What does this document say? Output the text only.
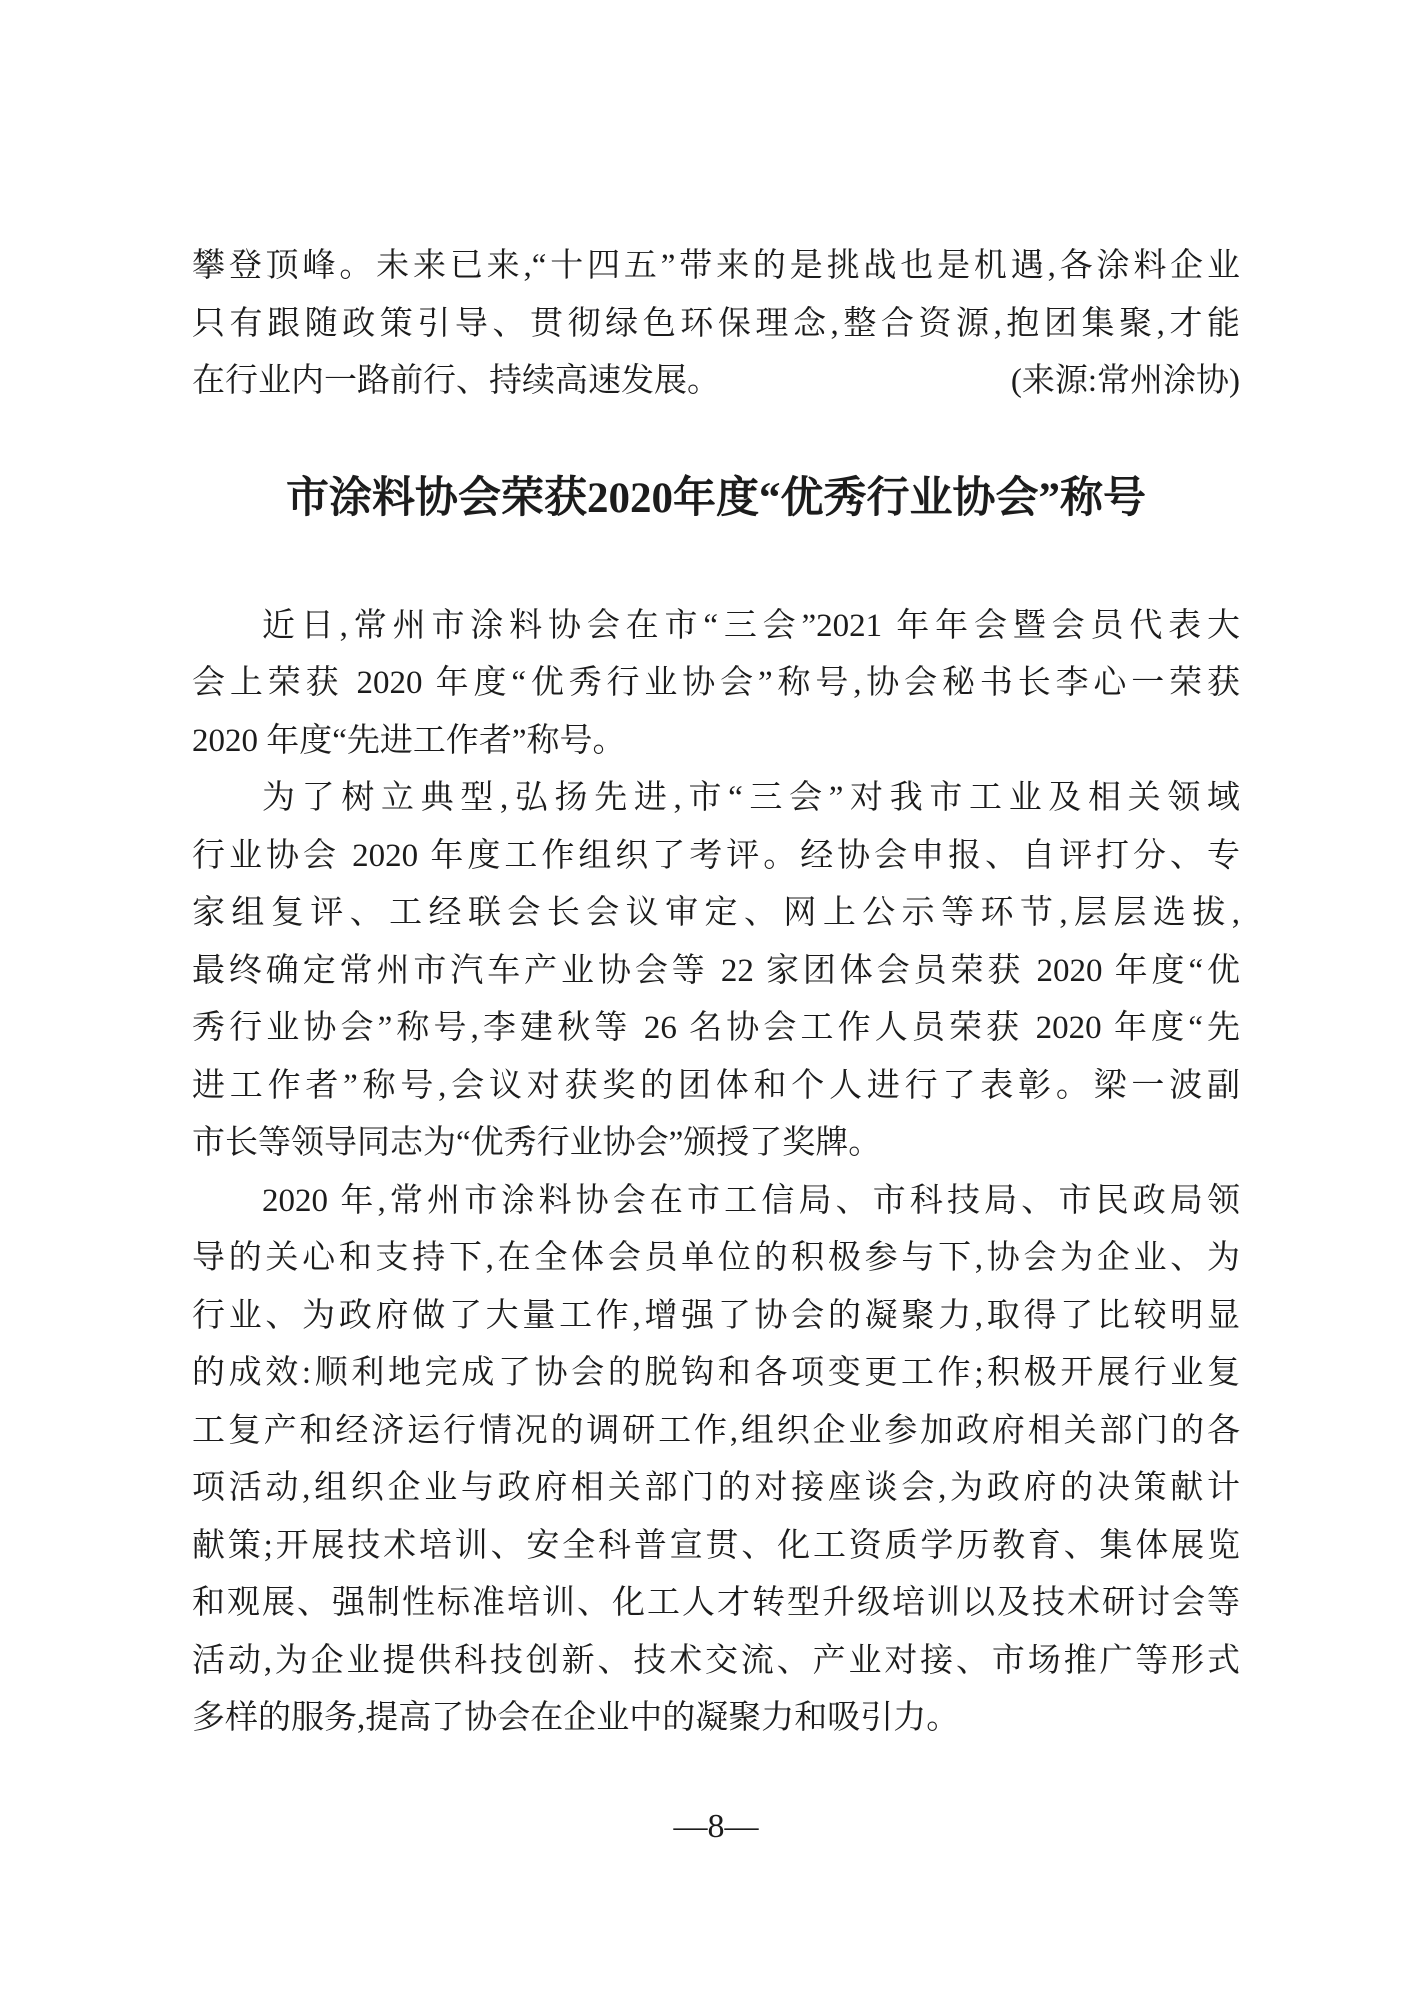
攀登顶峰。未来已来,“十四五”带来的是挑战也是机遇,各涂料企业
只有跟随政策引导、贯彻绿色环保理念,整合资源,抱团集聚,才能
在行业内一路前行、持续高速发展。	(来源:常州涂协)
市涂料协会荣获2020年度“优秀行业协会”称号
近日,常州市涂料协会在市“三会”2021 年年会暨会员代表大
会上荣获 2020 年度“优秀行业协会”称号,协会秘书长李心一荣获
2020 年度“先进工作者”称号。
为了树立典型,弘扬先进,市“三会”对我市工业及相关领域
行业协会 2020 年度工作组织了考评。经协会申报、自评打分、专
家组复评、工经联会长会议审定、网上公示等环节,层层选拔,
最终确定常州市汽车产业协会等 22 家团体会员荣获 2020 年度“优
秀行业协会”称号,李建秋等 26 名协会工作人员荣获 2020 年度“先
进工作者”称号,会议对获奖的团体和个人进行了表彰。梁一波副
市长等领导同志为“优秀行业协会”颁授了奖牌。
2020 年,常州市涂料协会在市工信局、市科技局、市民政局领
导的关心和支持下,在全体会员单位的积极参与下,协会为企业、为
行业、为政府做了大量工作,增强了协会的凝聚力,取得了比较明显
的成效:顺利地完成了协会的脱钩和各项变更工作;积极开展行业复
工复产和经济运行情况的调研工作,组织企业参加政府相关部门的各
项活动,组织企业与政府相关部门的对接座谈会,为政府的决策献计
献策;开展技术培训、安全科普宣贯、化工资质学历教育、集体展览
和观展、强制性标准培训、化工人才转型升级培训以及技术研讨会等
活动,为企业提供科技创新、技术交流、产业对接、市场推广等形式
多样的服务,提高了协会在企业中的凝聚力和吸引力。
—8—
